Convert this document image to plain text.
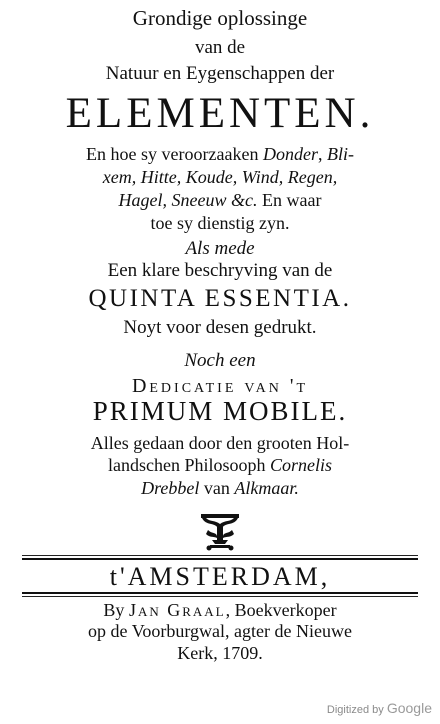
Grondige oplossinge
van de
Natuur en Eygenschappen der
ELEMENTEN.
En hoe sy veroorzaaken Donder, Bli-
xem, Hitte, Koude, Wind, Regen,
Hagel, Sneeuw &c. En waar
toe sy dienstig zyn.
Als mede
Een klare beschryving van de
QUINTA ESSENTIA.
Noyt voor desen gedrukt.
Noch een
Dedicatie van 't
PRIMUM MOBILE.
Alles gedaan door den grooten Hol-
landschen Philosooph Cornelis
Drebbel van Alkmaar.
t'AMSTERDAM,
By Jan Graal, Boekverkoper
op de Voorburgwal, agter de Nieuwe
Kerk, 1709.
Digitized by Google
